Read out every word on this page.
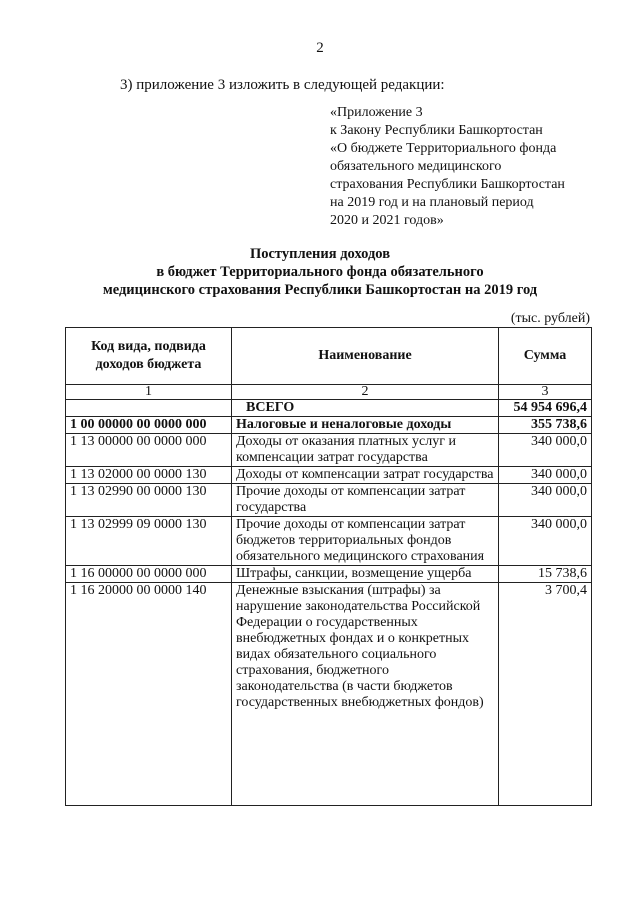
2
3) приложение 3 изложить в следующей редакции:
«Приложение 3
к Закону Республики Башкортостан
«О бюджете Территориального фонда
обязательного медицинского
страхования Республики Башкортостан
на 2019 год и на плановый период
2020 и 2021 годов»
Поступления доходов
в бюджет Территориального фонда обязательного
медицинского страхования Республики Башкортостан на 2019 год
(тыс. рублей)
Код вида, подвида доходов бюджета	Наименование	Сумма
1	2	3
	ВСЕГО	54 954 696,4
1 00 00000 00 0000 000	Налоговые и неналоговые доходы	355 738,6
1 13 00000 00 0000 000	Доходы от оказания платных услуг и компенсации затрат государства	340 000,0
1 13 02000 00 0000 130	Доходы от компенсации затрат государства	340 000,0
1 13 02990 00 0000 130	Прочие доходы от компенсации затрат государства	340 000,0
1 13 02999 09 0000 130	Прочие доходы от компенсации затрат бюджетов территориальных фондов обязательного медицинского страхования	340 000,0
1 16 00000 00 0000 000	Штрафы, санкции, возмещение ущерба	15 738,6
1 16 20000 00 0000 140	Денежные взыскания (штрафы) за нарушение законодательства Российской Федерации о государственных внебюджетных фондах и о конкретных видах обязательного социального страхования, бюджетного законодательства (в части бюджетов государственных внебюджетных фондов)	3 700,4
